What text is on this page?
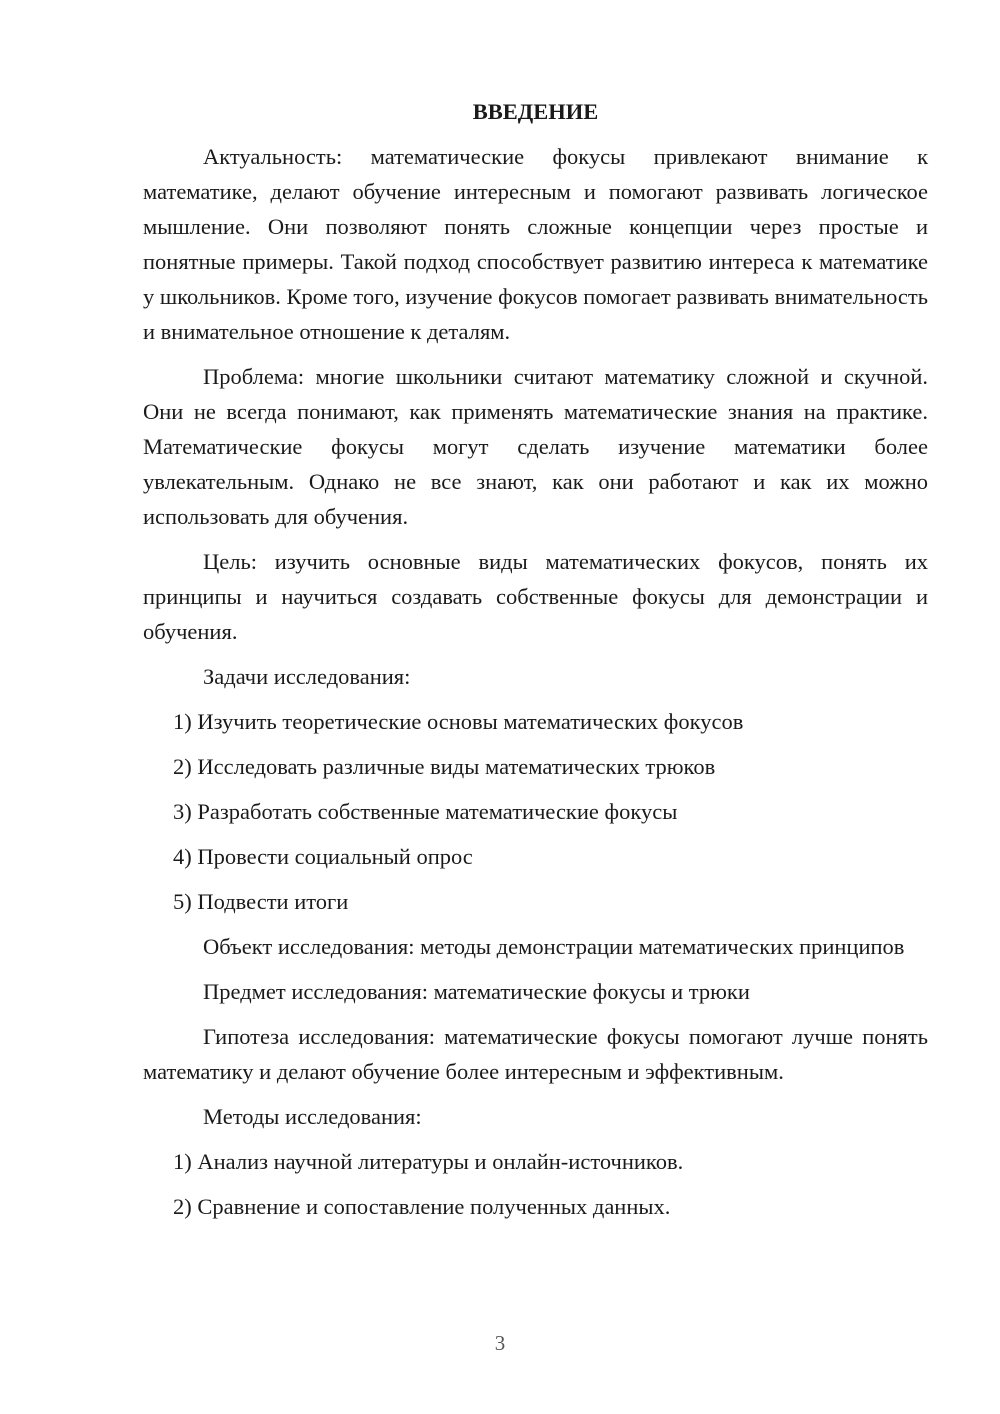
ВВЕДЕНИЕ

Актуальность: математические фокусы привлекают внимание к математике, делают обучение интересным и помогают развивать логическое мышление. Они позволяют понять сложные концепции через простые и понятные примеры. Такой подход способствует развитию интереса к математике у школьников. Кроме того, изучение фокусов помогает развивать внимательность и внимательное отношение к деталям.

Проблема: многие школьники считают математику сложной и скучной. Они не всегда понимают, как применять математические знания на практике. Математические фокусы могут сделать изучение математики более увлекательным. Однако не все знают, как они работают и как их можно использовать для обучения.

Цель: изучить основные виды математических фокусов, понять их принципы и научиться создавать собственные фокусы для демонстрации и обучения.

Задачи исследования:

1) Изучить теоретические основы математических фокусов
2) Исследовать различные виды математических трюков
3) Разработать собственные математические фокусы
4) Провести социальный опрос
5) Подвести итоги

Объект исследования: методы демонстрации математических принципов

Предмет исследования: математические фокусы и трюки

Гипотеза исследования: математические фокусы помогают лучше понять математику и делают обучение более интересным и эффективным.

Методы исследования:

1) Анализ научной литературы и онлайн-источников.
2) Сравнение и сопоставление полученных данных.
3
